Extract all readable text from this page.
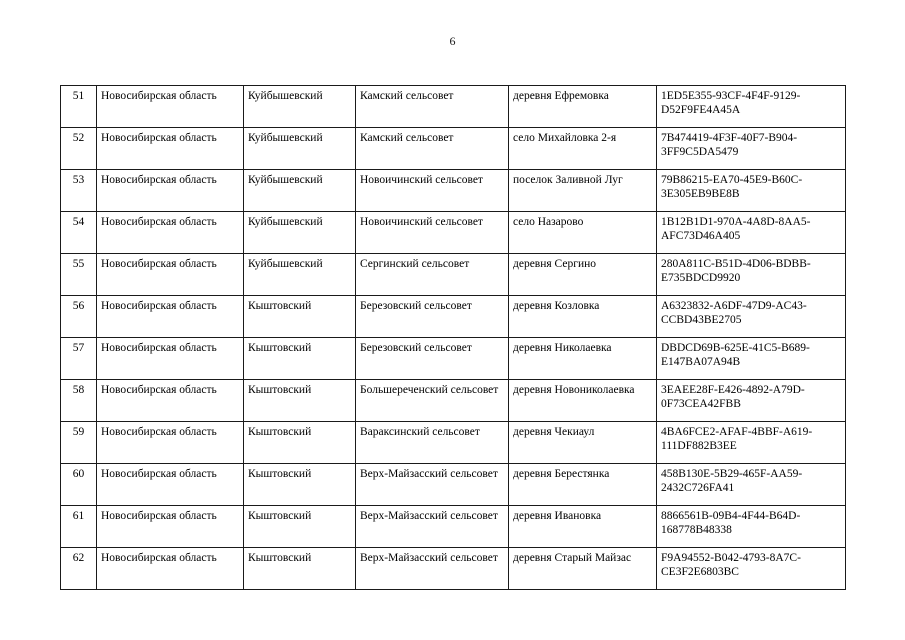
6
51	Новосибирская область	Куйбышевский	Камский сельсовет	деревня Ефремовка	1ED5E355-93CF-4F4F-9129-D52F9FE4A45A
52	Новосибирская область	Куйбышевский	Камский сельсовет	село Михайловка 2-я	7B474419-4F3F-40F7-B904-3FF9C5DA5479
53	Новосибирская область	Куйбышевский	Новоичинский сельсовет	поселок Заливной Луг	79B86215-EA70-45E9-B60C-3E305EB9BE8B
54	Новосибирская область	Куйбышевский	Новоичинский сельсовет	село Назарово	1B12B1D1-970A-4A8D-8AA5-AFC73D46A405
55	Новосибирская область	Куйбышевский	Сергинский сельсовет	деревня Сергино	280A811C-B51D-4D06-BDBB-E735BDCD9920
56	Новосибирская область	Кыштовский	Березовский сельсовет	деревня Козловка	A6323832-A6DF-47D9-AC43-CCBD43BE2705
57	Новосибирская область	Кыштовский	Березовский сельсовет	деревня Николаевка	DBDCD69B-625E-41C5-B689-E147BA07A94B
58	Новосибирская область	Кыштовский	Большереченский сельсовет	деревня Новониколаевка	3EAEE28F-E426-4892-A79D-0F73CEA42FBB
59	Новосибирская область	Кыштовский	Вараксинский сельсовет	деревня Чекиаул	4BA6FCE2-AFAF-4BBF-A619-111DF882B3EE
60	Новосибирская область	Кыштовский	Верх-Майзасский сельсовет	деревня Берестянка	458B130E-5B29-465F-AA59-2432C726FA41
61	Новосибирская область	Кыштовский	Верх-Майзасский сельсовет	деревня Ивановка	8866561B-09B4-4F44-B64D-168778B48338
62	Новосибирская область	Кыштовский	Верх-Майзасский сельсовет	деревня Старый Майзас	F9A94552-B042-4793-8A7C-CE3F2E6803BC
